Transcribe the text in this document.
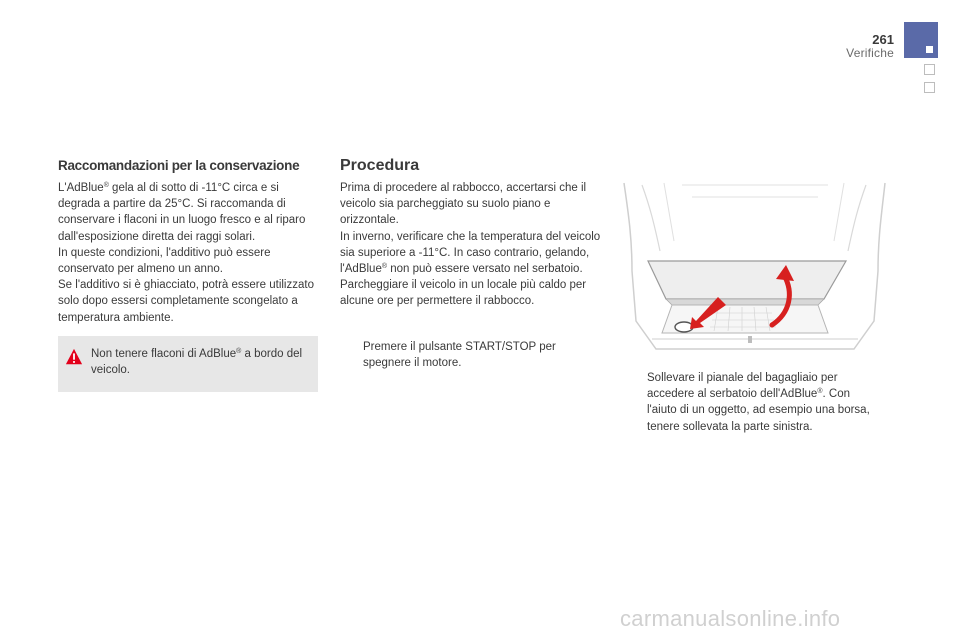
261
Verifiche
Raccomandazioni per la conservazione

L'AdBlue® gela al di sotto di -11°C circa e si degrada a partire da 25°C. Si raccomanda di conservare i flaconi in un luogo fresco e al riparo dall'esposizione diretta dei raggi solari.

In queste condizioni, l'additivo può essere conservato per almeno un anno.

Se l'additivo si è ghiacciato, potrà essere utilizzato solo dopo essersi completamente scongelato a temperatura ambiente.

Non tenere flaconi di AdBlue® a bordo del veicolo.
Procedura

Prima di procedere al rabbocco, accertarsi che il veicolo sia parcheggiato su suolo piano e orizzontale.

In inverno, verificare che la temperatura del veicolo sia superiore a -11°C. In caso contrario, gelando, l'AdBlue® non può essere versato nel serbatoio. Parcheggiare il veicolo in un locale più caldo per alcune ore per permettere il rabbocco.

Premere il pulsante START/STOP per spegnere il motore.
Sollevare il pianale del bagagliaio per accedere al serbatoio dell'AdBlue®. Con l'aiuto di un oggetto, ad esempio una borsa, tenere sollevata la parte sinistra.
carmanualsonline.info
